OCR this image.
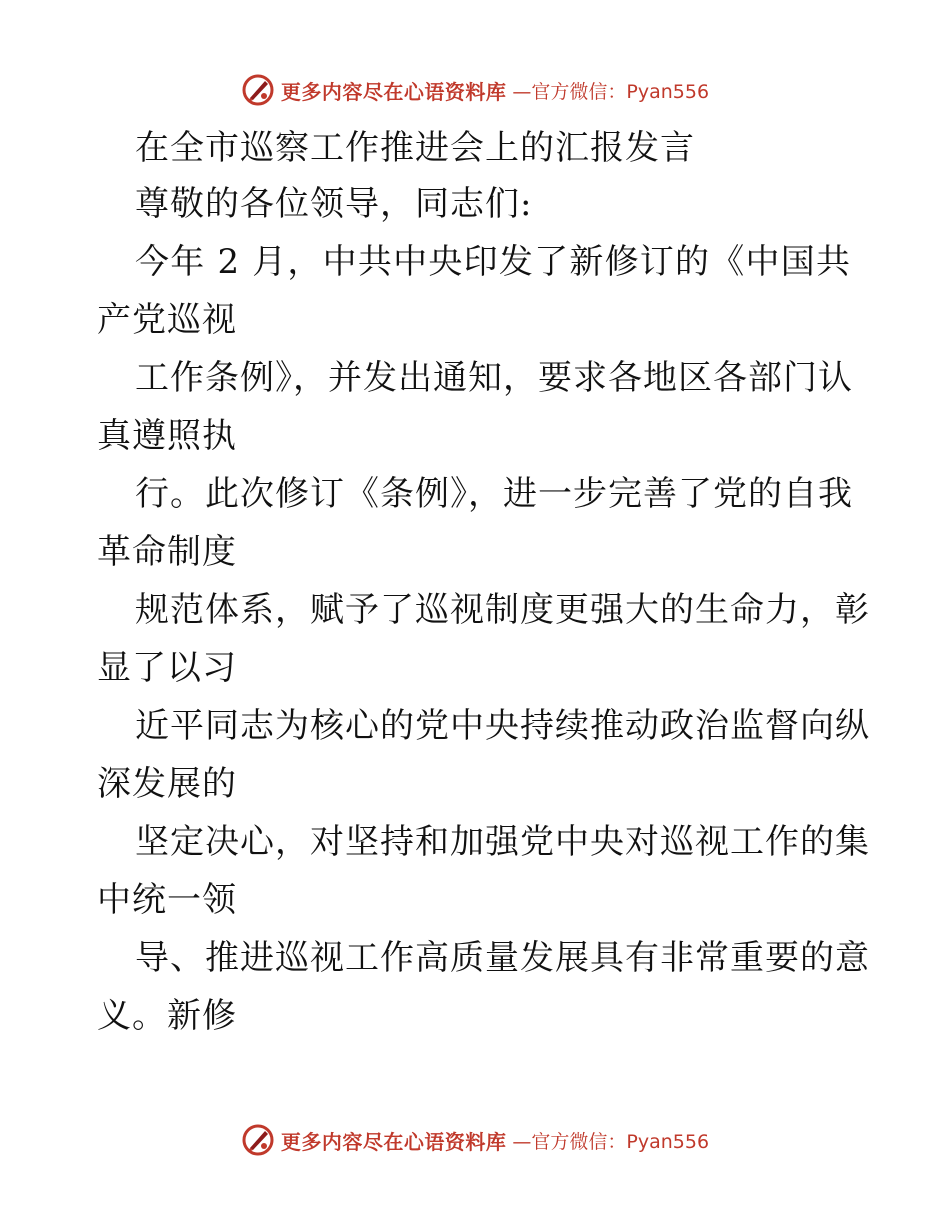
更多内容尽在心语资料库 —官方微信：Pyan556
在全市巡察工作推进会上的汇报发言
尊敬的各位领导，同志们:
今年 2 月，中共中央印发了新修订的《中国共
产党巡视
工作条例》，并发出通知，要求各地区各部门认
真遵照执
行。此次修订《条例》，进一步完善了党的自我
革命制度
规范体系，赋予了巡视制度更强大的生命力，彰
显了以习
近平同志为核心的党中央持续推动政治监督向纵
深发展的
坚定决心，对坚持和加强党中央对巡视工作的集
中统一领
导、推进巡视工作高质量发展具有非常重要的意
义。新修
更多内容尽在心语资料库 —官方微信：Pyan556
